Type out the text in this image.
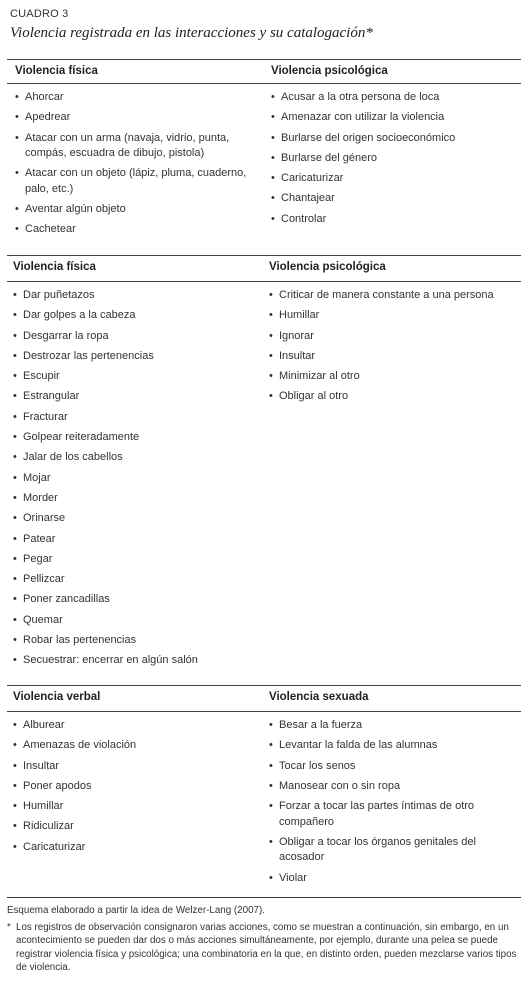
CUADRO 3
Violencia registrada en las interacciones y su catalogación*
Violencia física
• Ahorcar
• Apedrear
• Atacar con un arma (navaja, vidrio, punta, compás, escuadra de dibujo, pistola)
• Atacar con un objeto (lápiz, pluma, cuaderno, palo, etc.)
• Aventar algún objeto
• Cachetear
Violencia psicológica
• Acusar a la otra persona de loca
• Amenazar con utilizar la violencia
• Burlarse del origen socioeconómico
• Burlarse del género
• Caricaturizar
• Chantajear
• Controlar
Violencia física
• Dar puñetazos
• Dar golpes a la cabeza
• Desgarrar la ropa
• Destrozar las pertenencias
• Escupir
• Estrangular
• Fracturar
• Golpear reiteradamente
• Jalar de los cabellos
• Mojar
• Morder
• Orinarse
• Patear
• Pegar
• Pellizcar
• Poner zancadillas
• Quemar
• Robar las pertenencias
• Secuestrar: encerrar en algún salón
Violencia psicológica
• Criticar de manera constante a una persona
• Humillar
• Ignorar
• Insultar
• Minimizar al otro
• Obligar al otro
Violencia verbal
• Alburear
• Amenazas de violación
• Insultar
• Poner apodos
• Humillar
• Ridiculizar
• Caricaturizar
Violencia sexuada
• Besar a la fuerza
• Levantar la falda de las alumnas
• Tocar los senos
• Manosear con o sin ropa
• Forzar a tocar las partes íntimas de otro compañero
• Obligar a tocar los órganos genitales del acosador
• Violar
Esquema elaborado a partir la idea de Welzer-Lang (2007).
* Los registros de observación consignaron varias acciones, como se muestran a continuación, sin embargo, en un acontecimiento se pueden dar dos o más acciones simultáneamente, por ejemplo, durante una pelea se puede registrar violencia física y psicológica; una combinatoria en la que, en distinto orden, pueden mezclarse varios tipos de violencia.
